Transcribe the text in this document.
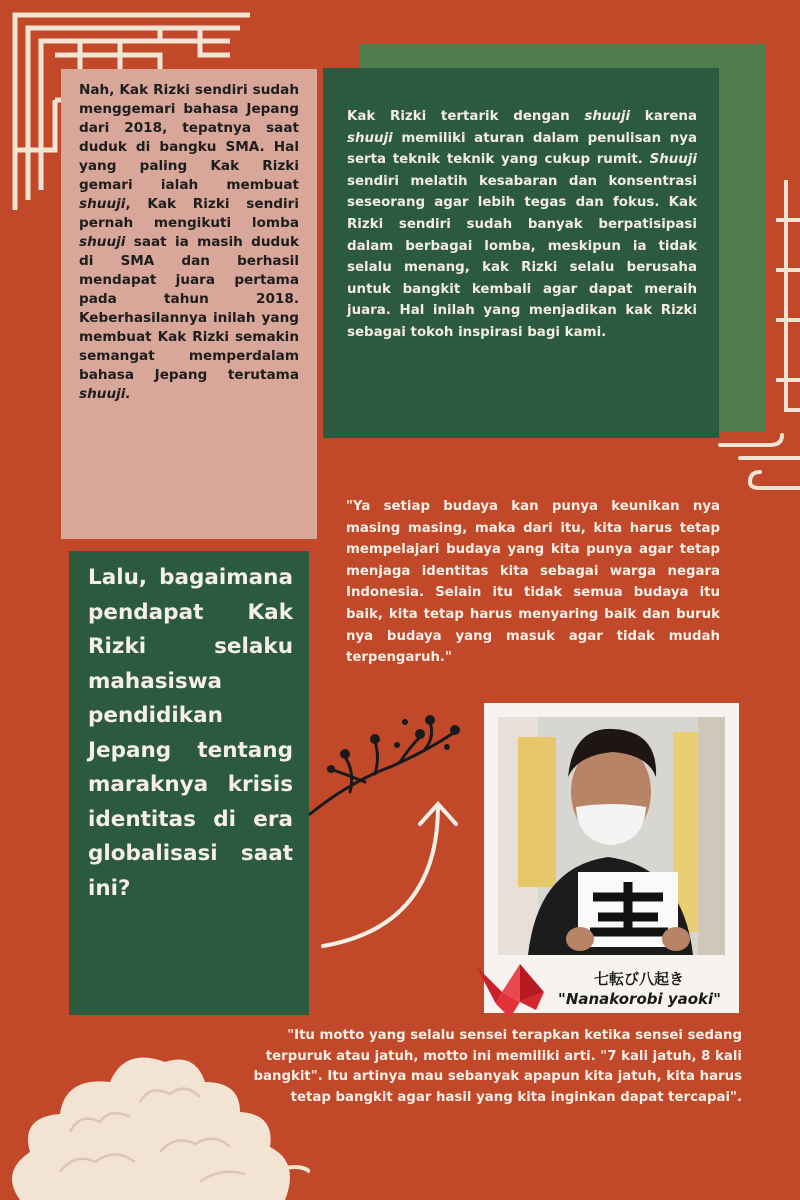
Nah, Kak Rizki sendiri sudah menggemari bahasa Jepang dari 2018, tepatnya saat duduk di bangku SMA. Hal yang paling Kak Rizki gemari ialah membuat shuuji, Kak Rizki sendiri pernah mengikuti lomba shuuji saat ia masih duduk di SMA dan berhasil mendapat juara pertama pada tahun 2018. Keberhasilannya inilah yang membuat Kak Rizki semakin semangat memperdalam bahasa Jepang terutama shuuji.

Kak Rizki tertarik dengan shuuji karena shuuji memiliki aturan dalam penulisan nya serta teknik teknik yang cukup rumit. Shuuji sendiri melatih kesabaran dan konsentrasi seseorang agar lebih tegas dan fokus. Kak Rizki sendiri sudah banyak berpatisipasi dalam berbagai lomba, meskipun ia tidak selalu menang, kak Rizki selalu berusaha untuk bangkit kembali agar dapat meraih juara. Hal inilah yang menjadikan kak Rizki sebagai tokoh inspirasi bagi kami.

"Ya setiap budaya kan punya keunikan nya masing masing, maka dari itu, kita harus tetap mempelajari budaya yang kita punya agar tetap menjaga identitas kita sebagai warga negara Indonesia. Selain itu tidak semua budaya itu baik, kita tetap harus menyaring baik dan buruk nya budaya yang masuk agar tidak mudah terpengaruh."

Lalu, bagaimana pendapat Kak Rizki selaku mahasiswa pendidikan Jepang tentang maraknya krisis identitas di era globalisasi saat ini?

七転び八起き
"Nanakorobi yaoki"

"Itu motto yang selalu sensei terapkan ketika sensei sedang terpuruk atau jatuh, motto ini memiliki arti. "7 kali jatuh, 8 kali bangkit". Itu artinya mau sebanyak apapun kita jatuh, kita harus tetap bangkit agar hasil yang kita inginkan dapat tercapai".
